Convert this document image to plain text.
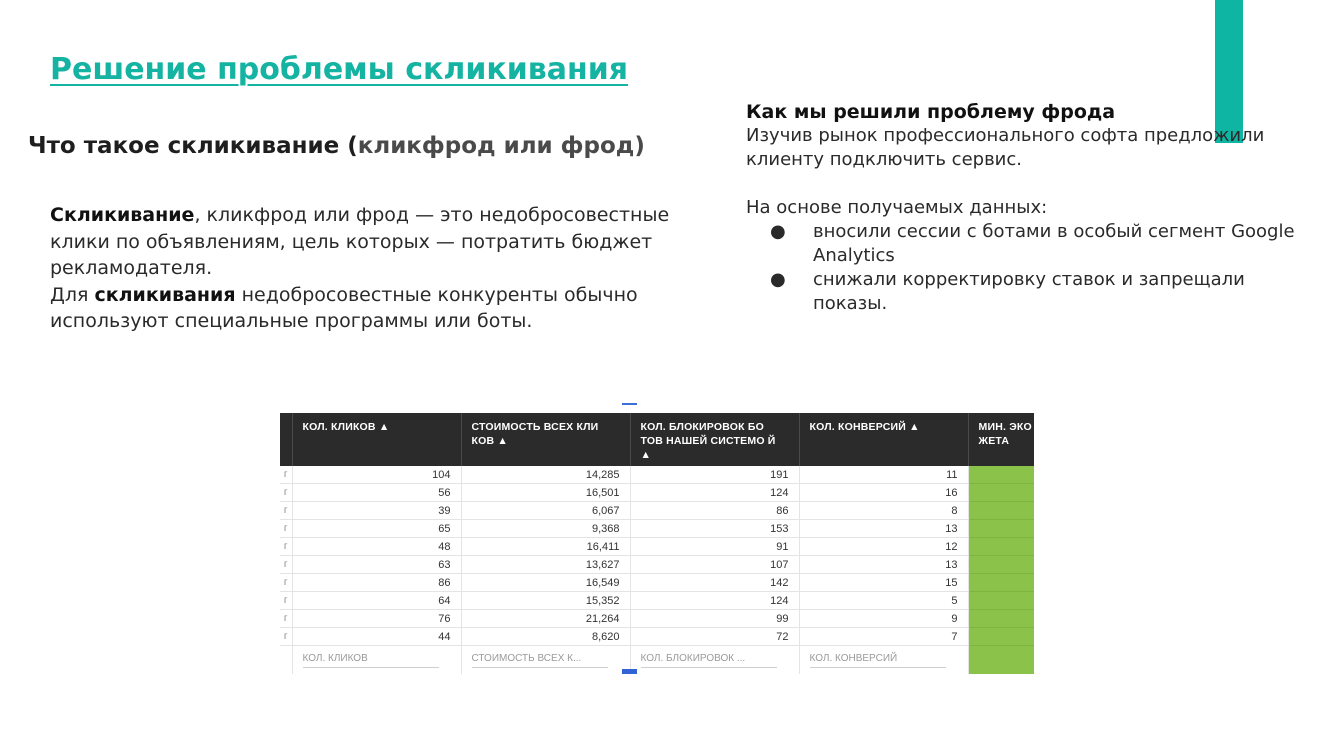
Решение проблемы скликивания
Что такое скликивание (кликфрод или фрод)

Скликивание, кликфрод или фрод — это недобросовестные клики по объявлениям, цель которых — потратить бюджет рекламодателя.

Для скликивания недобросовестные конкуренты обычно используют специальные программы или боты.

Как мы решили проблему фрода

Изучив рынок профессионального софта предложили клиенту подключить сервис.

На основе получаемых данных:

● вносили сессии с ботами в особый сегмент Google Analytics
● снижали корректировку ставок и запрещали показы.
	КОЛ. КЛИКОВ ▲	СТОИМОСТЬ ВСЕХ КЛИ КОВ ▲	КОЛ. БЛОКИРОВОК БО ТОВ НАШЕЙ СИСТЕМО Й ▲	КОЛ. КОНВЕРСИЙ ▲	МИН. ЭКО ЖЕТА
г	104	14,285	191	11	
г	56	16,501	124	16	
г	39	6,067	86	8	
г	65	9,368	153	13	
г	48	16,411	91	12	
г	63	13,627	107	13	
г	86	16,549	142	15	
г	64	15,352	124	5	
г	76	21,264	99	9	
г	44	8,620	72	7	
	КОЛ. КЛИКОВ	СТОИМОСТЬ ВСЕХ К...	КОЛ. БЛОКИРОВОК ...	КОЛ. КОНВЕРСИЙ	
